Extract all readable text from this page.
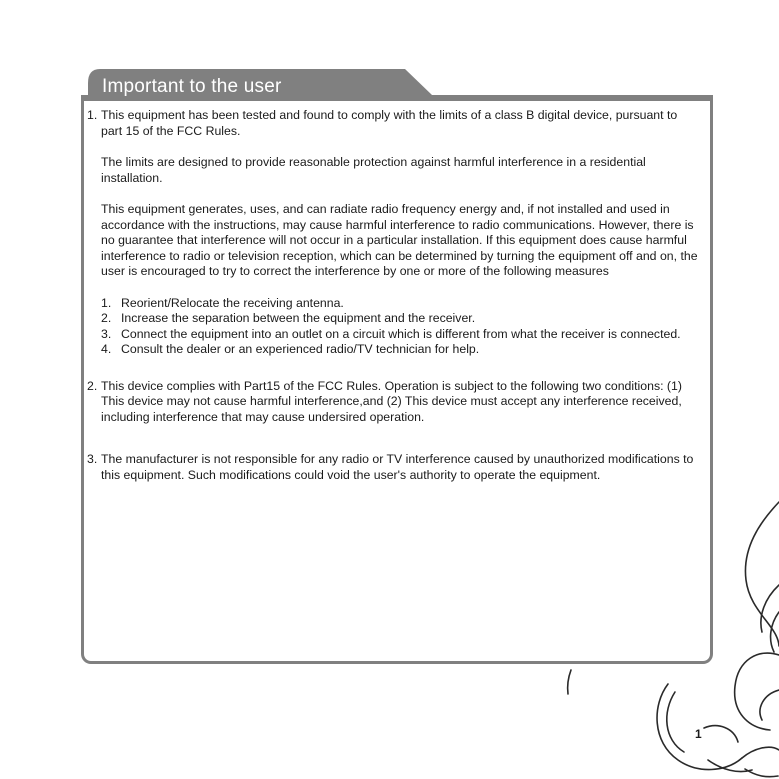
Important to the user
1. This equipment has been tested and found to comply with the limits of a class B digital device, pursuant to part 15 of the FCC Rules.

The limits are designed to provide reasonable protection against harmful interference in a residential installation.

This equipment generates, uses, and can radiate radio frequency energy and, if not installed and used in accordance with the instructions, may cause harmful interference to radio communications. However, there is no guarantee that interference will not occur in a particular installation. If this equipment does cause harmful interference to radio or television reception, which can be determined by turning the equipment off and on, the user is encouraged to try to correct the interference by one or more of the following measures

1. Reorient/Relocate the receiving antenna.
2. Increase the separation between the equipment and the receiver.
3. Connect the equipment into an outlet on a circuit which is different from what the receiver is connected.
4. Consult the dealer or an experienced radio/TV technician for help.
2. This device complies with Part15 of the FCC Rules. Operation is subject to the following two conditions: (1) This device may not cause harmful interference,and (2) This device must accept any interference received, including interference that may cause undersired operation.

3. The manufacturer is not responsible for any radio or TV interference caused by unauthorized modifications to this equipment. Such modifications could void the user's authority to operate the equipment.

1
